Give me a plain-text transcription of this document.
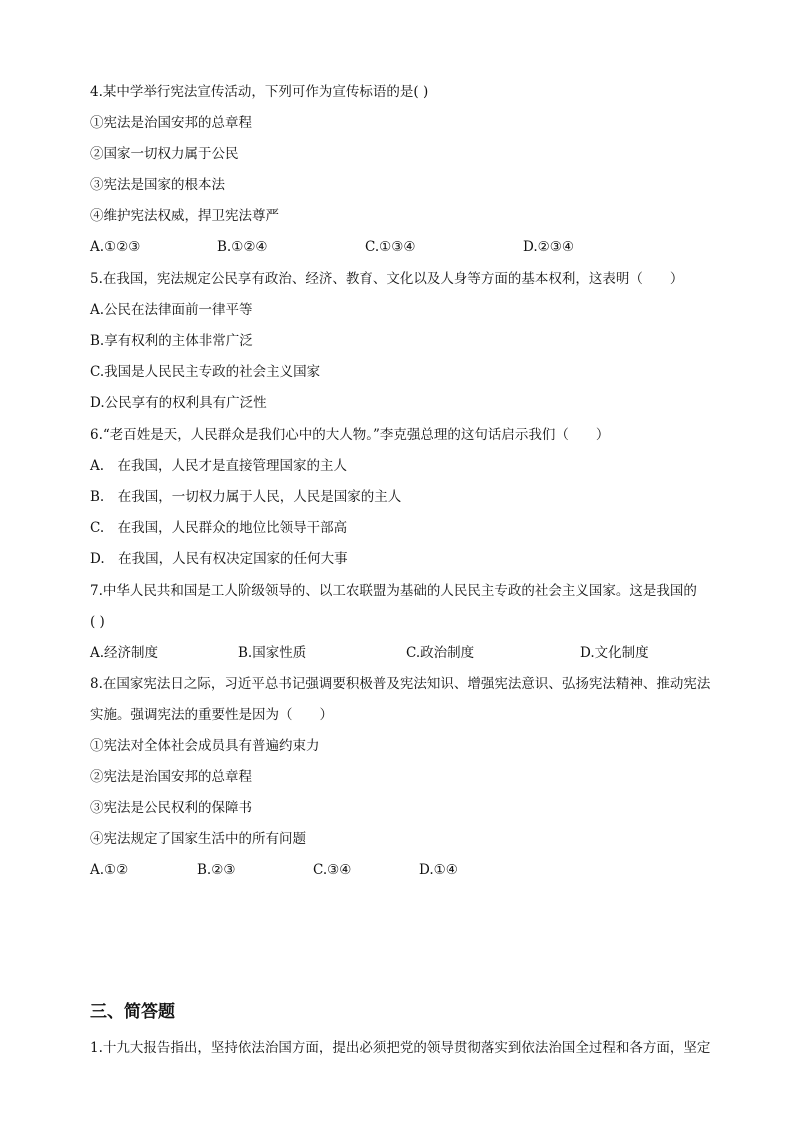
4.某中学举行宪法宣传活动，下列可作为宣传标语的是( )
①宪法是治国安邦的总章程
②国家一切权力属于公民
③宪法是国家的根本法
④维护宪法权威，捍卫宪法尊严
A.①②③	B.①②④	C.①③④	D.②③④
5.在我国，宪法规定公民享有政治、经济、教育、文化以及人身等方面的基本权利，这表明（　　）
A.公民在法律面前一律平等
B.享有权利的主体非常广泛
C.我国是人民民主专政的社会主义国家
D.公民享有的权利具有广泛性
6.“老百姓是天，人民群众是我们心中的大人物。”李克强总理的这句话启示我们（　　）
A.　在我国，人民才是直接管理国家的主人
B.　在我国，一切权力属于人民，人民是国家的主人
C.　在我国，人民群众的地位比领导干部高
D.　在我国，人民有权决定国家的任何大事
7.中华人民共和国是工人阶级领导的、以工农联盟为基础的人民民主专政的社会主义国家。这是我国的
( )
A.经济制度	B.国家性质	C.政治制度	D.文化制度
8.在国家宪法日之际，习近平总书记强调要积极普及宪法知识、增强宪法意识、弘扬宪法精神、推动宪法
实施。强调宪法的重要性是因为（　　）
①宪法对全体社会成员具有普遍约束力
②宪法是治国安邦的总章程
③宪法是公民权利的保障书
④宪法规定了国家生活中的所有问题
A.①②	B.②③	C.③④	D.①④
三、简答题
1.十九大报告指出，坚持依法治国方面，提出必须把党的领导贯彻落实到依法治国全过程和各方面，坚定
